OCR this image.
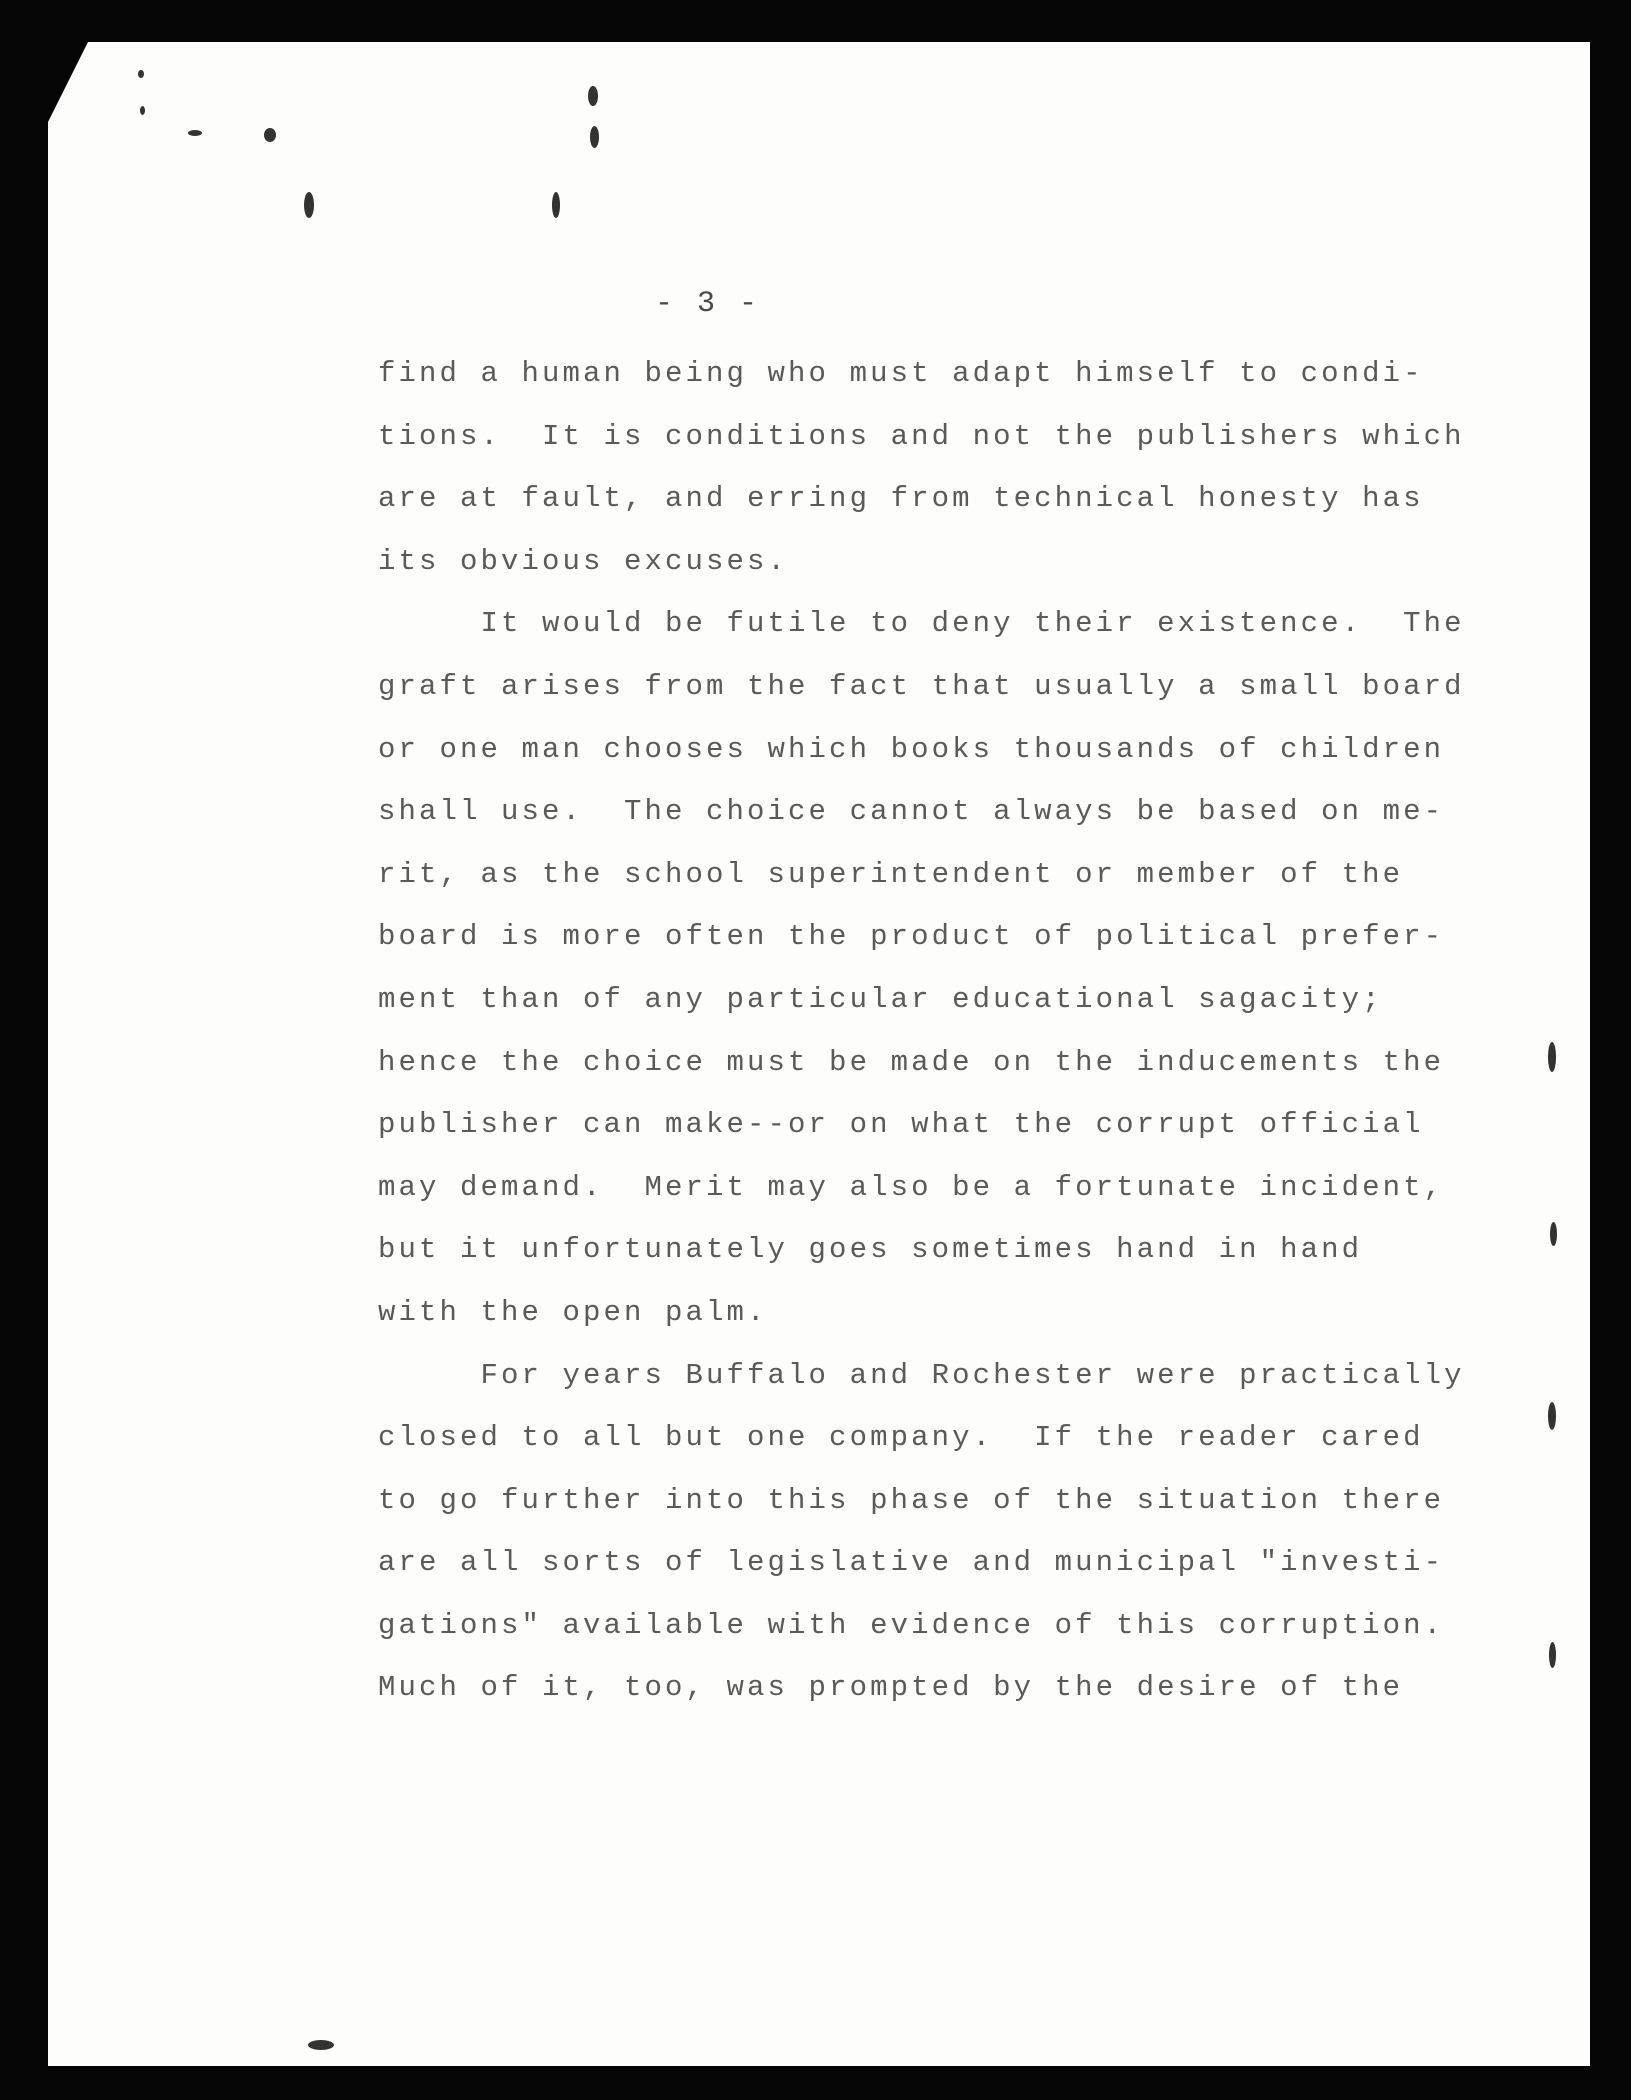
- 3 -
find a human being who must adapt himself to condi-
tions.  It is conditions and not the publishers which
are at fault, and erring from technical honesty has
its obvious excuses.
It would be futile to deny their existence.  The
graft arises from the fact that usually a small board
or one man chooses which books thousands of children
shall use.  The choice cannot always be based on me-
rit, as the school superintendent or member of the
board is more often the product of political prefer-
ment than of any particular educational sagacity;
hence the choice must be made on the inducements the
publisher can make--or on what the corrupt official
may demand.  Merit may also be a fortunate incident,
but it unfortunately goes sometimes hand in hand
with the open palm.
For years Buffalo and Rochester were practically
closed to all but one company.  If the reader cared
to go further into this phase of the situation there
are all sorts of legislative and municipal "investi-
gations" available with evidence of this corruption.
Much of it, too, was prompted by the desire of the
